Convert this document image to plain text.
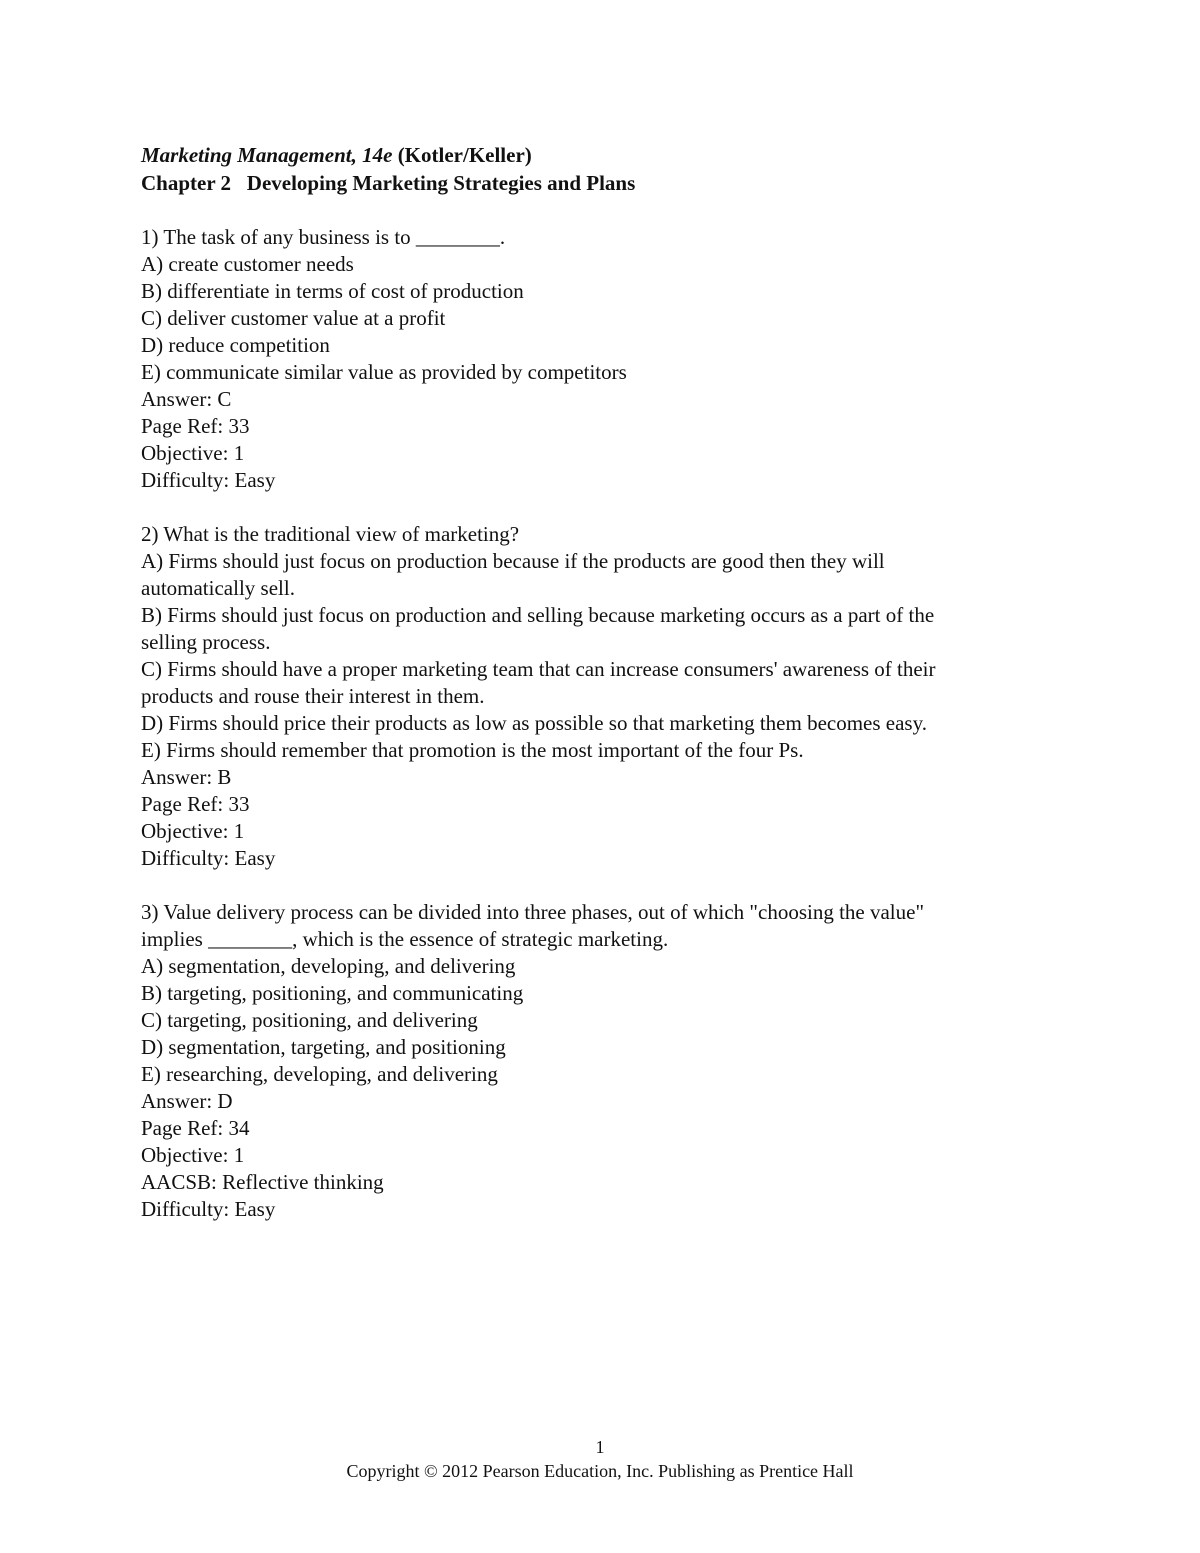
Marketing Management, 14e (Kotler/Keller)

Chapter 2   Developing Marketing Strategies and Plans

1) The task of any business is to ________.

A) create customer needs

B) differentiate in terms of cost of production

C) deliver customer value at a profit

D) reduce competition

E) communicate similar value as provided by competitors

Answer: C

Page Ref: 33

Objective: 1

Difficulty: Easy

2) What is the traditional view of marketing?

A) Firms should just focus on production because if the products are good then they will

automatically sell.

B) Firms should just focus on production and selling because marketing occurs as a part of the

selling process.

C) Firms should have a proper marketing team that can increase consumers' awareness of their

products and rouse their interest in them.

D) Firms should price their products as low as possible so that marketing them becomes easy.

E) Firms should remember that promotion is the most important of the four Ps.

Answer: B

Page Ref: 33

Objective: 1

Difficulty: Easy

3) Value delivery process can be divided into three phases, out of which "choosing the value"

implies ________, which is the essence of strategic marketing.

A) segmentation, developing, and delivering

B) targeting, positioning, and communicating

C) targeting, positioning, and delivering

D) segmentation, targeting, and positioning

E) researching, developing, and delivering

Answer: D

Page Ref: 34

Objective: 1

AACSB: Reflective thinking

Difficulty: Easy

1
Copyright © 2012 Pearson Education, Inc. Publishing as Prentice Hall
